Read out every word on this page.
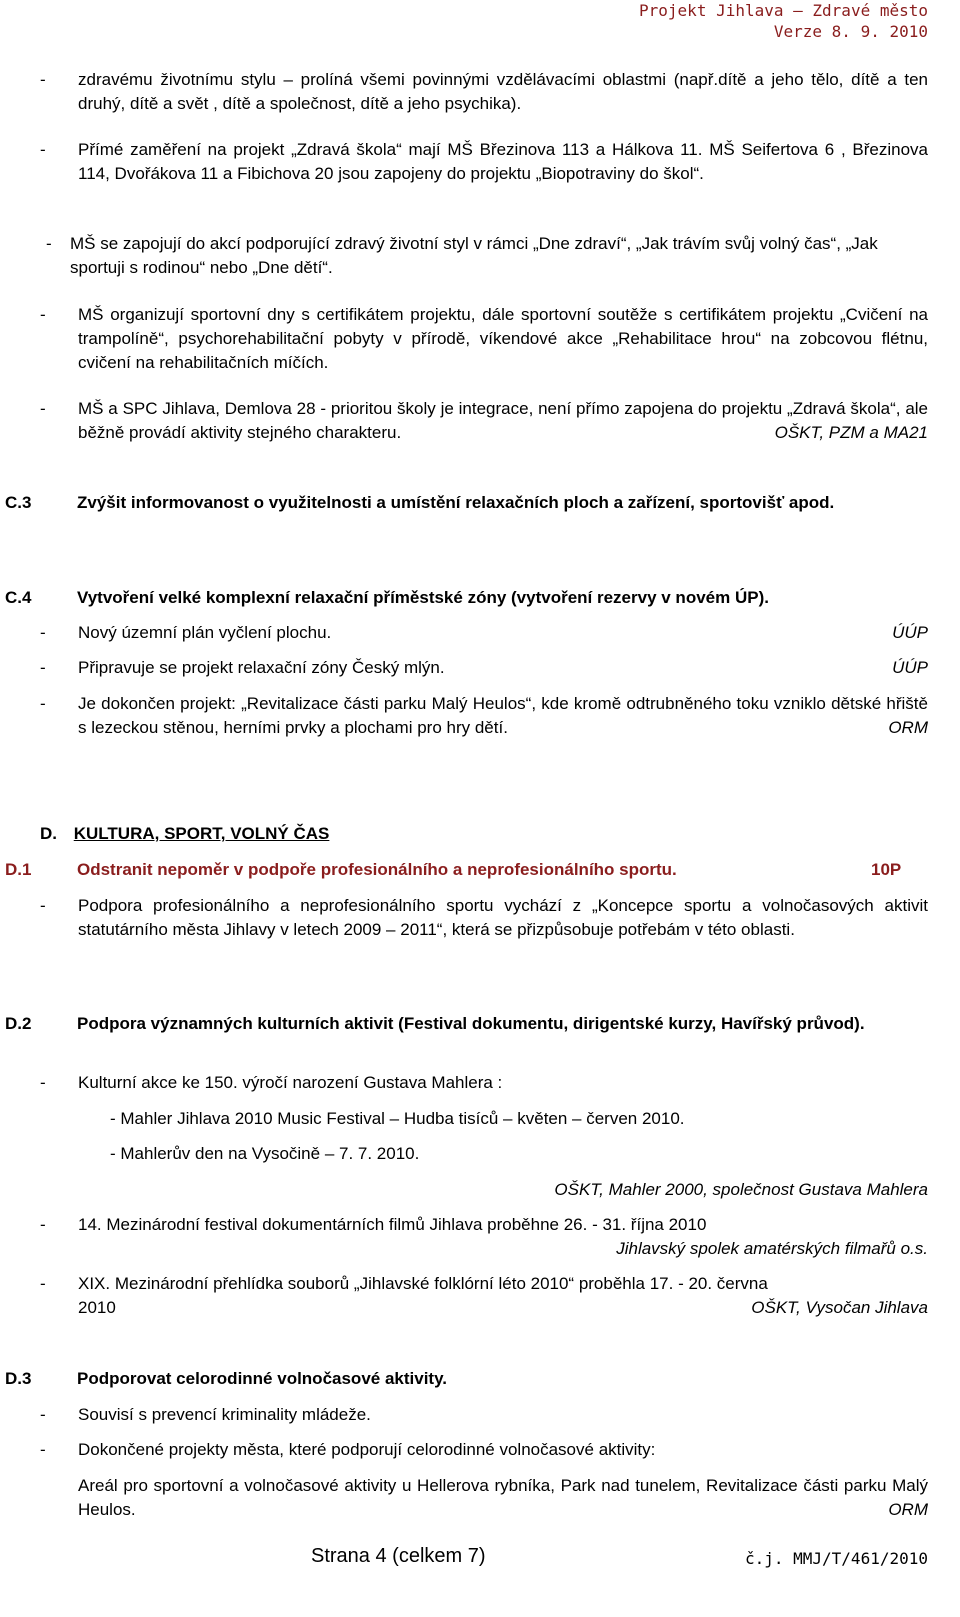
Projekt Jihlava – Zdravé město
Verze 8. 9. 2010
- zdravému životnímu stylu – prolíná všemi povinnými vzdělávacími oblastmi (např.dítě a jeho tělo, dítě a ten druhý, dítě a svět , dítě a společnost, dítě a jeho psychika).
- Přímé zaměření na projekt „Zdravá škola“ mají MŠ Březinova 113 a Hálkova 11. MŠ Seifertova 6 , Březinova 114, Dvořákova 11 a Fibichova 20 jsou zapojeny do projektu „Biopotraviny do škol“.
- MŠ se zapojují do akcí podporující zdravý životní styl v rámci „Dne zdraví“, „Jak trávím svůj volný čas“, „Jak sportuji s rodinou“ nebo „Dne dětí“.
- MŠ organizují sportovní dny s certifikátem projektu, dále sportovní soutěže s certifikátem projektu „Cvičení na trampolíně“, psychorehabilitační pobyty v přírodě, víkendové akce „Rehabilitace hrou“ na zobcovou flétnu, cvičení na rehabilitačních míčích.
- MŠ a SPC Jihlava, Demlova 28 - prioritou školy je integrace, není přímo zapojena do projektu „Zdravá škola“, ale běžně provádí aktivity stejného charakteru.	OŠKT, PZM a MA21
C.3	Zvýšit informovanost o využitelnosti a umístění relaxačních ploch a zařízení, sportovišť apod.
C.4	Vytvoření velké komplexní relaxační příměstské zóny (vytvoření rezervy v novém ÚP).
- Nový územní plán vyčlení plochu.	ÚÚP
- Připravuje se projekt relaxační zóny Český mlýn.	ÚÚP
- Je dokončen projekt: „Revitalizace části parku Malý Heulos“, kde kromě odtrubněného toku vzniklo dětské hřiště s lezeckou stěnou, herními prvky a plochami pro hry dětí.	ORM
D. KULTURA, SPORT, VOLNÝ ČAS
D.1	Odstranit nepoměr v podpoře profesionálního a neprofesionálního sportu.	10P
- Podpora profesionálního a neprofesionálního sportu vychází z „Koncepce sportu a volnočasových aktivit statutárního města Jihlavy v letech 2009 – 2011“, která se přizpůsobuje potřebám v této oblasti.
D.2	Podpora významných kulturních aktivit (Festival dokumentu, dirigentské kurzy, Havířský průvod).
- Kulturní akce ke 150. výročí narození Gustava Mahlera :
- Mahler Jihlava 2010 Music Festival – Hudba tisíců – květen – červen 2010.
- Mahlerův den na Vysočině – 7. 7. 2010.
OŠKT, Mahler 2000, společnost Gustava Mahlera
- 14. Mezinárodní festival dokumentárních filmů Jihlava proběhne 26. - 31. října 2010
Jihlavský spolek amatérských filmařů o.s.
- XIX. Mezinárodní přehlídka souborů „Jihlavské folklórní léto 2010“ proběhla 17. - 20. června
2010	OŠKT, Vysočan Jihlava
D.3	Podporovat celorodinné volnočasové aktivity.
- Souvisí s prevencí kriminality mládeže.
- Dokončené projekty města, které podporují celorodinné volnočasové aktivity:
Areál pro sportovní a volnočasové aktivity u Hellerova rybníka, Park nad tunelem, Revitalizace části parku Malý Heulos.	ORM
Strana 4 (celkem 7)	č.j. MMJ/T/461/2010
